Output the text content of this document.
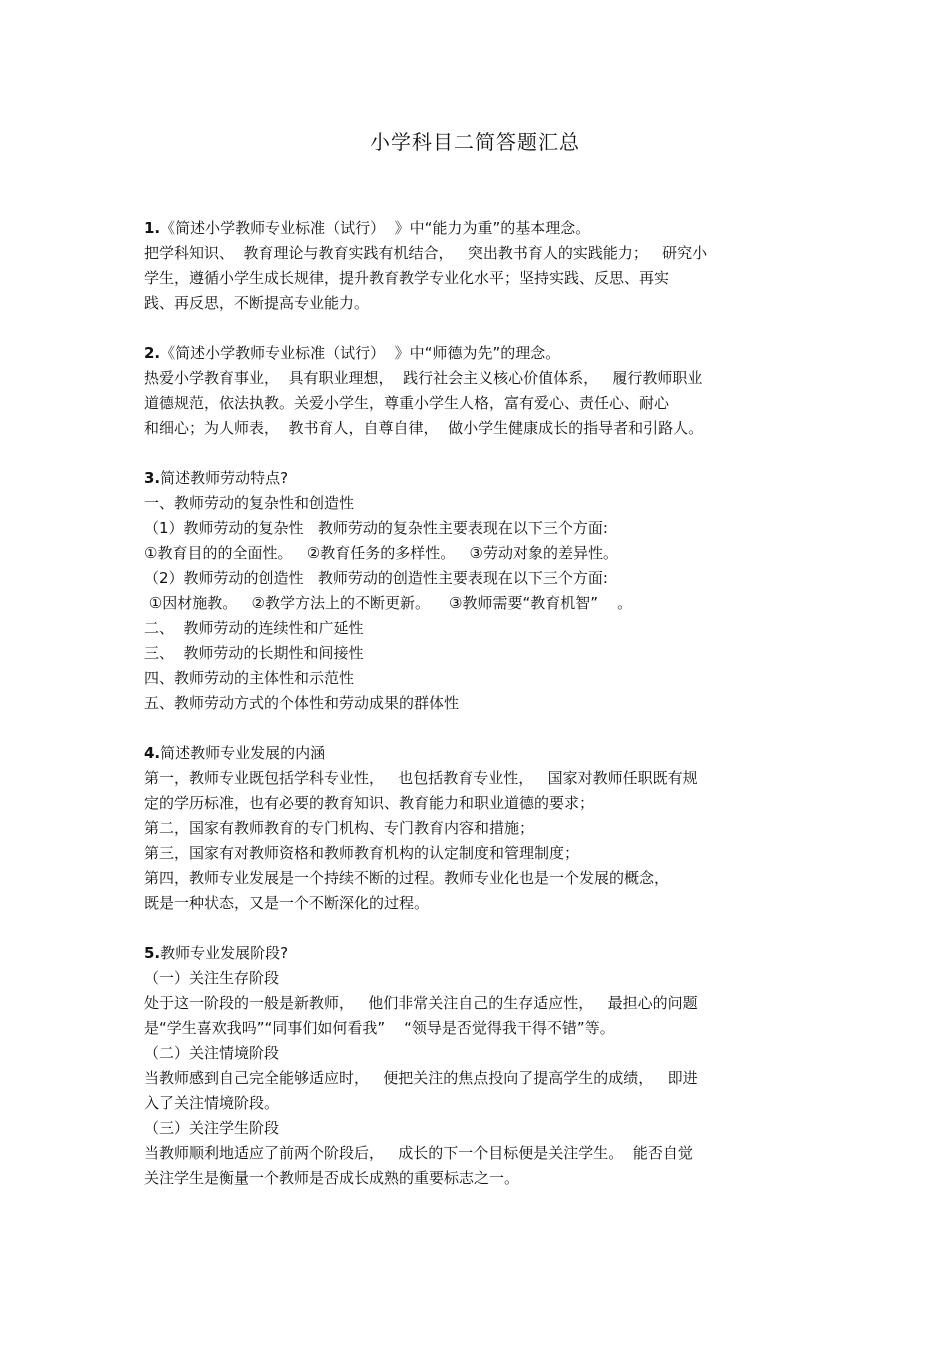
小学科目二简答题汇总
1.《简述小学教师专业标准（试行）  》中“能力为重”的基本理念。
把学科知识、  教育理论与教育实践有机结合，   突出教书育人的实践能力；   研究小
学生，遵循小学生成长规律，提升教育教学专业化水平；坚持实践、反思、再实
践、再反思，不断提高专业能力。
2.《简述小学教师专业标准（试行）  》中“师德为先”的理念。
热爱小学教育事业，  具有职业理想，  践行社会主义核心价值体系，   履行教师职业
道德规范，依法执教。关爱小学生，尊重小学生人格，富有爱心、责任心、耐心
和细心；为人师表，  教书育人，自尊自律，  做小学生健康成长的指导者和引路人。
3.简述教师劳动特点?
一、教师劳动的复杂性和创造性
（1）教师劳动的复杂性   教师劳动的复杂性主要表现在以下三个方面:
①教育目的的全面性。   ②教育任务的多样性。   ③劳动对象的差异性。
（2）教师劳动的创造性   教师劳动的创造性主要表现在以下三个方面:
①因材施教。   ②教学方法上的不断更新。    ③教师需要“教育机智”    。
二、  教师劳动的连续性和广延性
三、  教师劳动的长期性和间接性
四、教师劳动的主体性和示范性
五、教师劳动方式的个体性和劳动成果的群体性
4.简述教师专业发展的内涵
第一，教师专业既包括学科专业性，   也包括教育专业性，   国家对教师任职既有规
定的学历标准，也有必要的教育知识、教育能力和职业道德的要求；
第二，国家有教师教育的专门机构、专门教育内容和措施；
第三，国家有对教师资格和教师教育机构的认定制度和管理制度；
第四，教师专业发展是一个持续不断的过程。教师专业化也是一个发展的概念，
既是一种状态，又是一个不断深化的过程。
5.教师专业发展阶段?
（一）关注生存阶段
处于这一阶段的一般是新教师，   他们非常关注自己的生存适应性，   最担心的问题
是“学生喜欢我吗”“同事们如何看我”    “领导是否觉得我干得不错”等。
（二）关注情境阶段
当教师感到自己完全能够适应时，   便把关注的焦点投向了提高学生的成绩，   即进
入了关注情境阶段。
（三）关注学生阶段
当教师顺利地适应了前两个阶段后，   成长的下一个目标便是关注学生。  能否自觉
关注学生是衡量一个教师是否成长成熟的重要标志之一。
